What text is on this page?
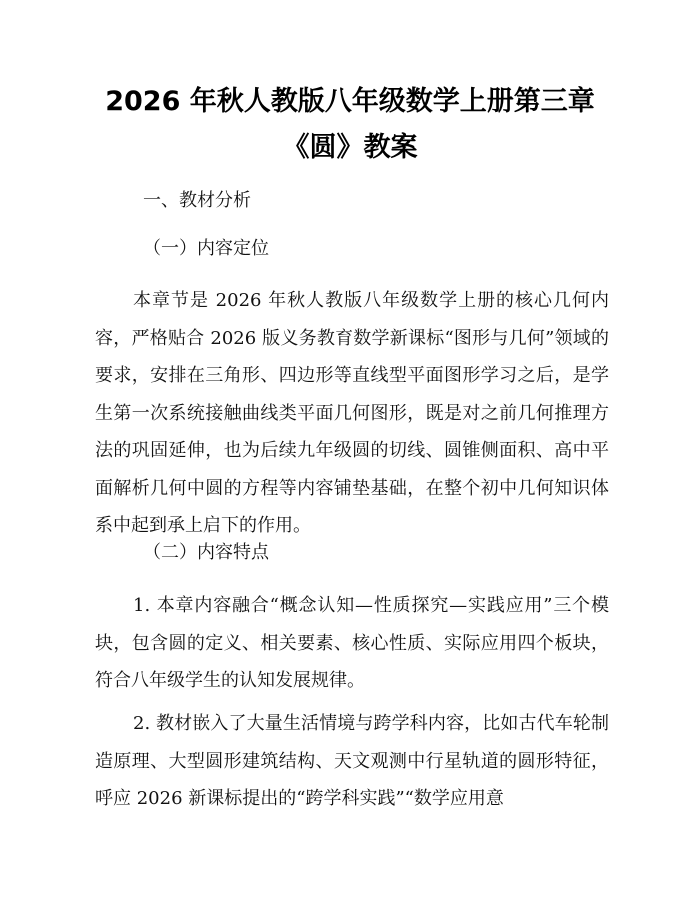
2026 年秋人教版八年级数学上册第三章
《圆》教案
一、教材分析
（一）内容定位

本章节是 2026 年秋人教版八年级数学上册的核心几何内容，严格贴合 2026 版义务教育数学新课标“图形与几何”领域的要求，安排在三角形、四边形等直线型平面图形学习之后，是学生第一次系统接触曲线类平面几何图形，既是对之前几何推理方法的巩固延伸，也为后续九年级圆的切线、圆锥侧面积、高中平面解析几何中圆的方程等内容铺垫基础，在整个初中几何知识体系中起到承上启下的作用。

（二）内容特点

1. 本章内容融合“概念认知—性质探究—实践应用”三个模块，包含圆的定义、相关要素、核心性质、实际应用四个板块，符合八年级学生的认知发展规律。

2. 教材嵌入了大量生活情境与跨学科内容，比如古代车轮制造原理、大型圆形建筑结构、天文观测中行星轨道的圆形特征，呼应 2026 新课标提出的“跨学科实践”“数学应用意
